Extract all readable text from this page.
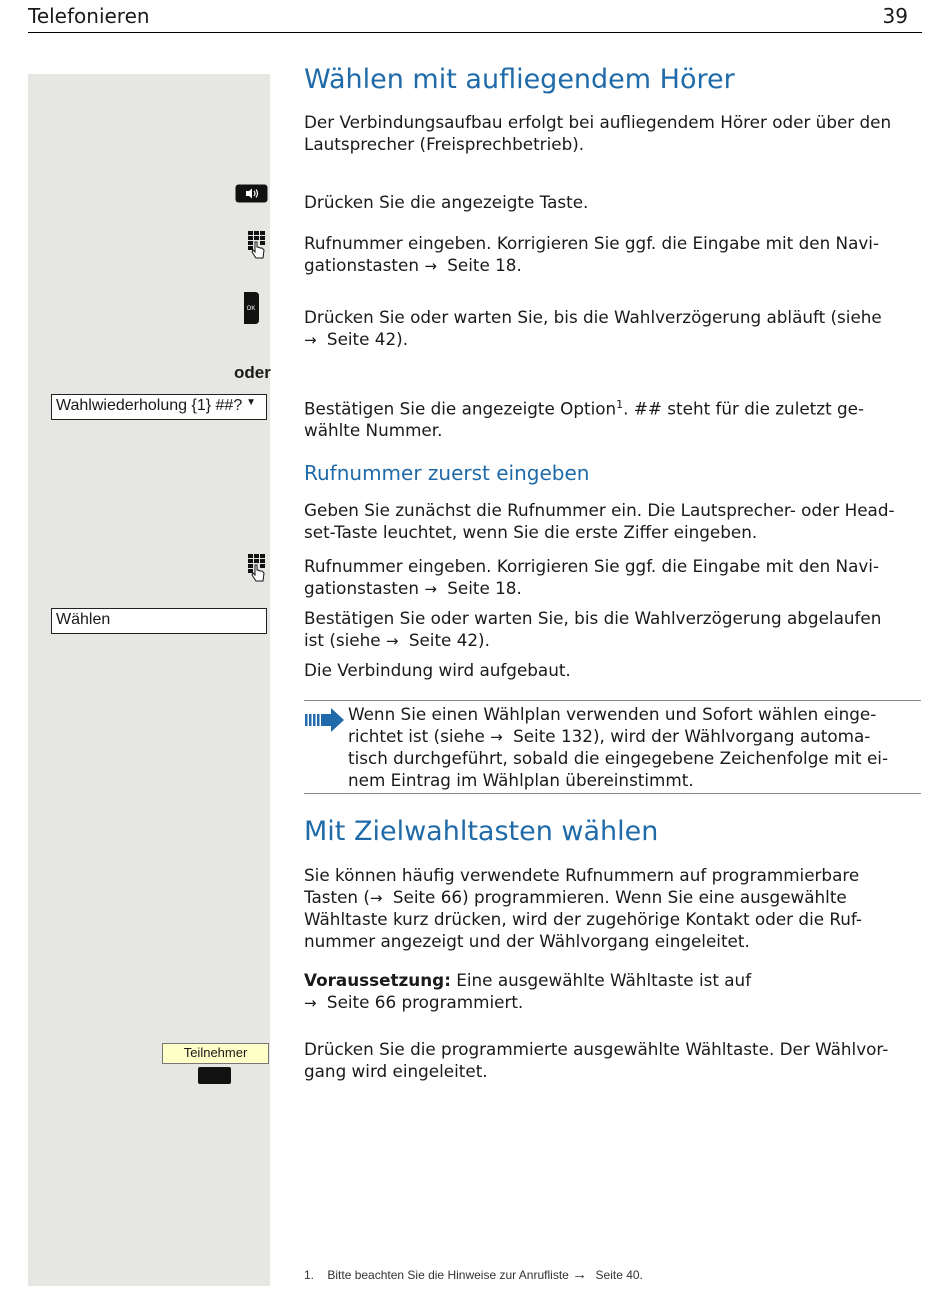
Telefonieren	39
OK
oder
Wahlwiederholung {1} ##? ▼
Wählen
Teilnehmer
Wählen mit aufliegendem Hörer
Der Verbindungsaufbau erfolgt bei aufliegendem Hörer oder über den
Lautsprecher (Freisprechbetrieb).
Drücken Sie die angezeigte Taste.
Rufnummer eingeben. Korrigieren Sie ggf. die Eingabe mit den Navi-
gationstasten → Seite 18.
Drücken Sie oder warten Sie, bis die Wahlverzögerung abläuft (siehe
→ Seite 42).
Bestätigen Sie die angezeigte Option$^1$. ## steht für die zuletzt ge-
wählte Nummer.
Rufnummer zuerst eingeben
Geben Sie zunächst die Rufnummer ein. Die Lautsprecher- oder Head-
set-Taste leuchtet, wenn Sie die erste Ziffer eingeben.
Rufnummer eingeben. Korrigieren Sie ggf. die Eingabe mit den Navi-
gationstasten → Seite 18.
Bestätigen Sie oder warten Sie, bis die Wahlverzögerung abgelaufen
ist (siehe → Seite 42).
Die Verbindung wird aufgebaut.
Wenn Sie einen Wählplan verwenden und Sofort wählen einge-
richtet ist (siehe → Seite 132), wird der Wählvorgang automa-
tisch durchgeführt, sobald die eingegebene Zeichenfolge mit ei-
nem Eintrag im Wählplan übereinstimmt.
Mit Zielwahltasten wählen
Sie können häufig verwendete Rufnummern auf programmierbare
Tasten (→ Seite 66) programmieren. Wenn Sie eine ausgewählte
Wähltaste kurz drücken, wird der zugehörige Kontakt oder die Ruf-
nummer angezeigt und der Wählvorgang eingeleitet.
Voraussetzung: Eine ausgewählte Wähltaste ist auf
→ Seite 66 programmiert.
Drücken Sie die programmierte ausgewählte Wähltaste. Der Wählvor-
gang wird eingeleitet.
1. Bitte beachten Sie die Hinweise zur Anrufliste → Seite 40.
